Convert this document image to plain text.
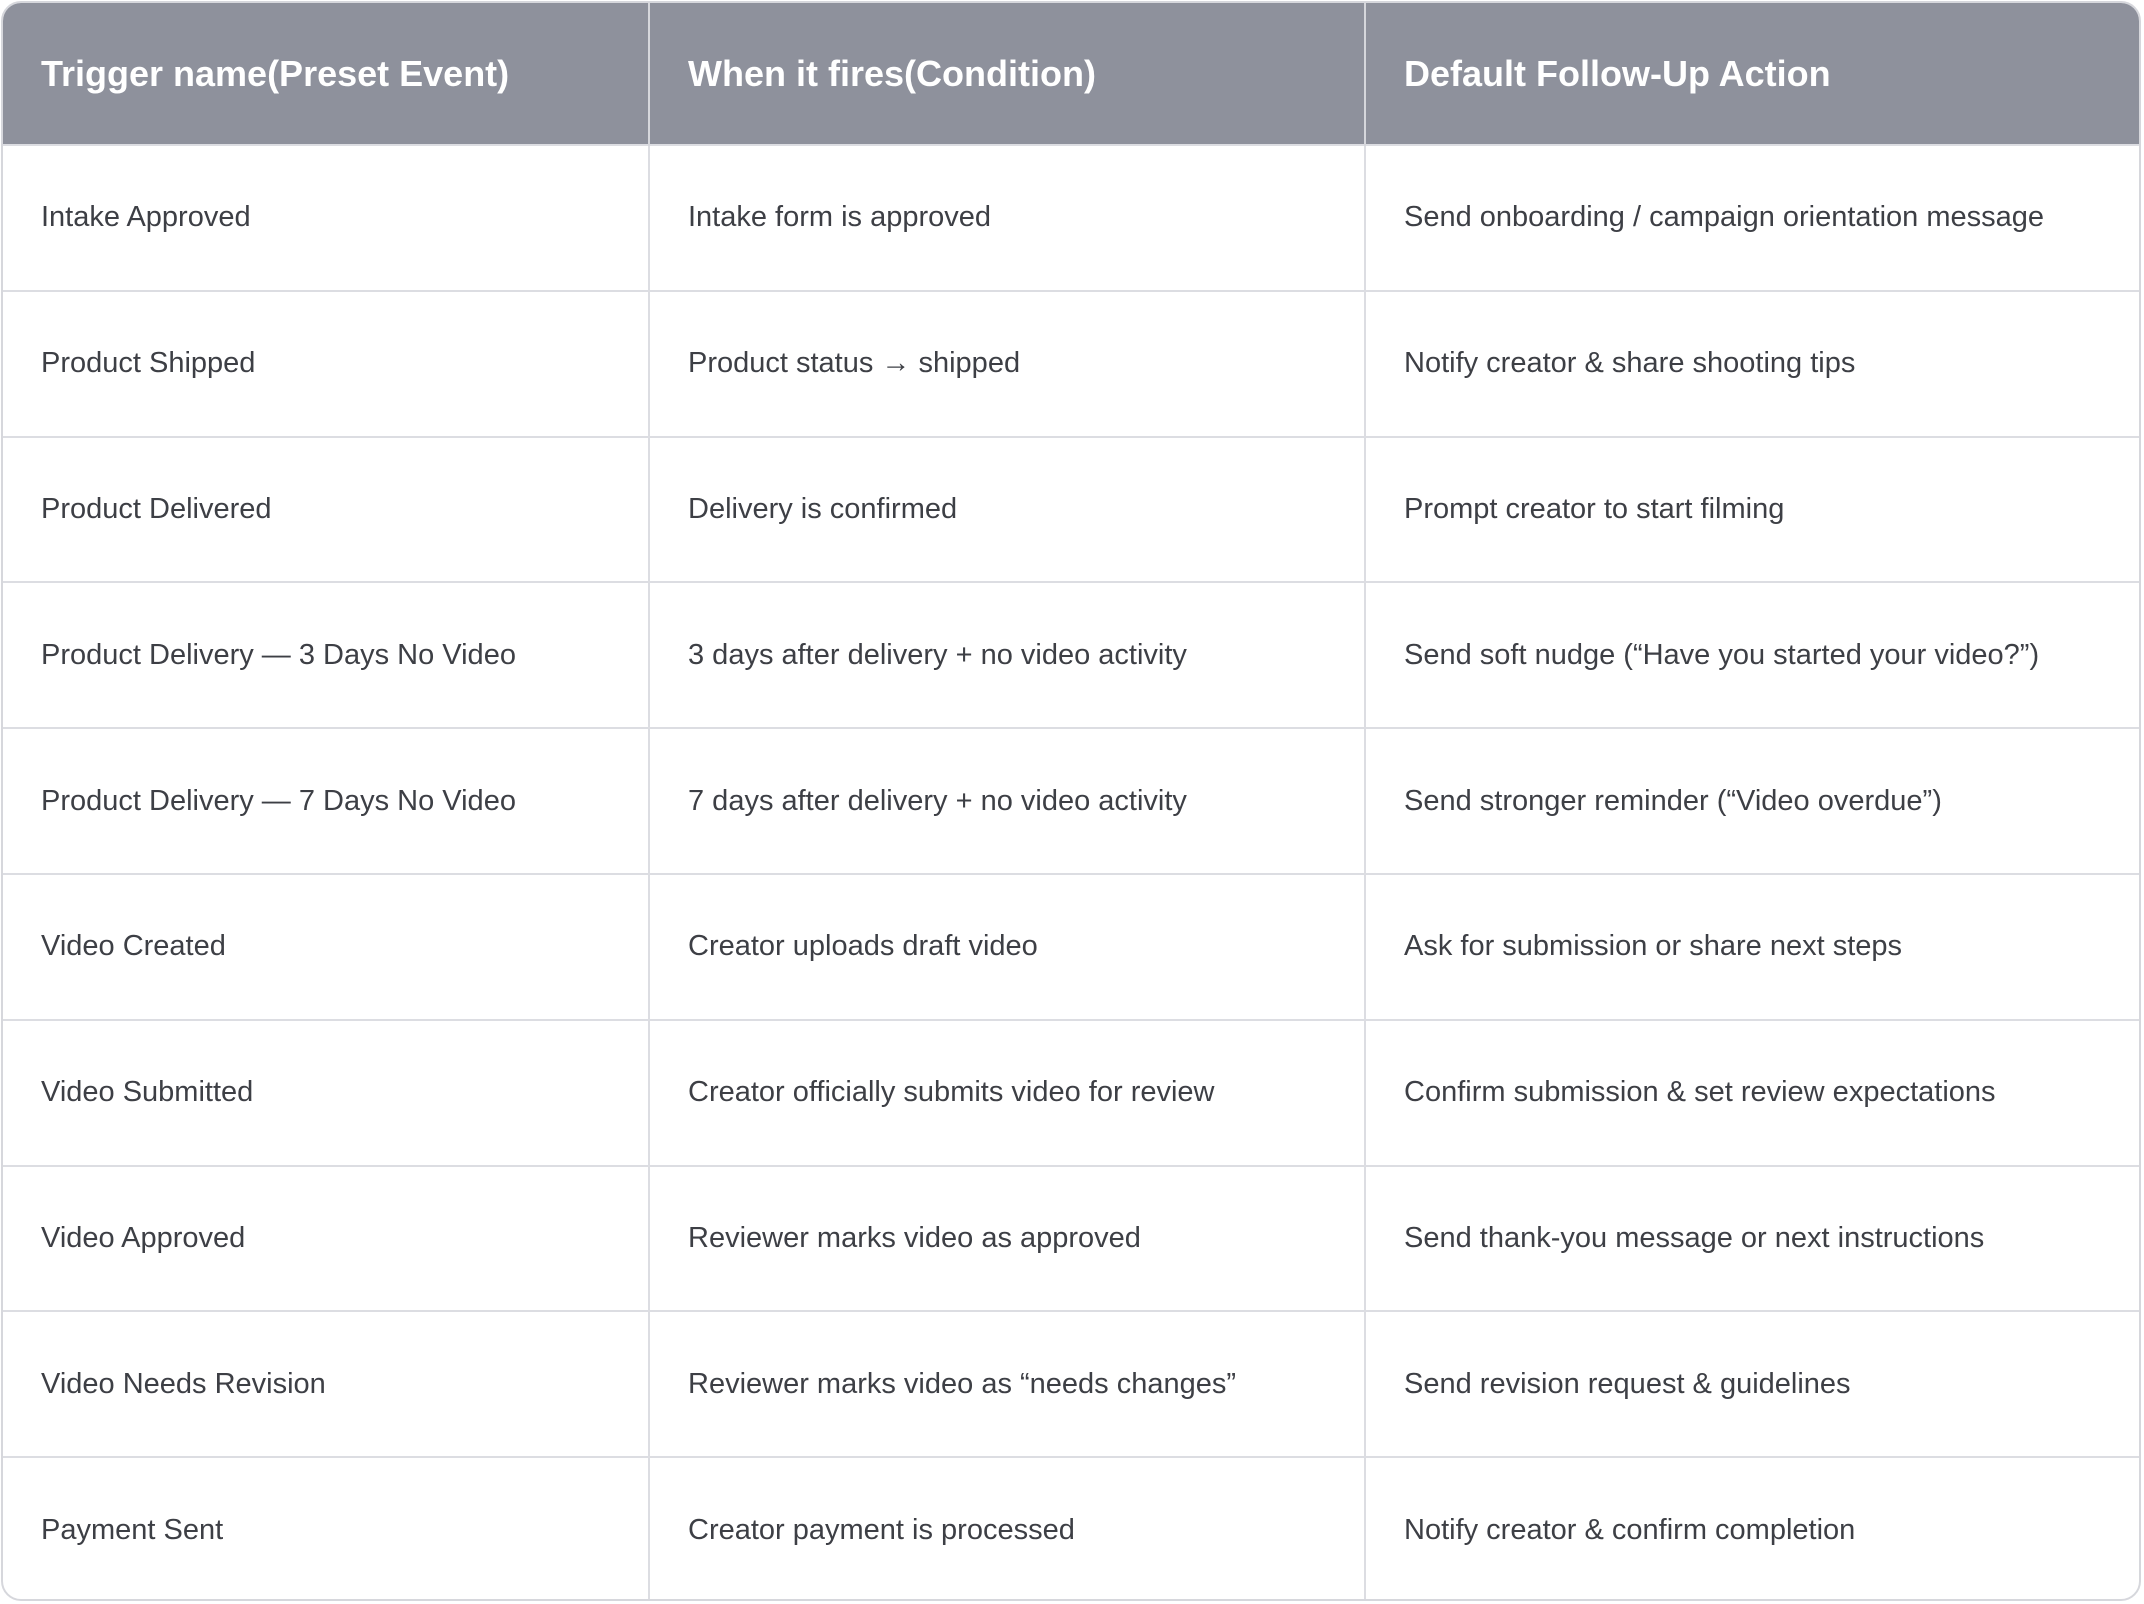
Trigger name(Preset Event)	When it fires(Condition)	Default Follow-Up Action
Intake Approved	Intake form is approved	Send onboarding / campaign orientation message
Product Shipped	Product status → shipped	Notify creator & share shooting tips
Product Delivered	Delivery is confirmed	Prompt creator to start filming
Product Delivery — 3 Days No Video	3 days after delivery + no video activity	Send soft nudge (“Have you started your video?”)
Product Delivery — 7 Days No Video	7 days after delivery + no video activity	Send stronger reminder (“Video overdue”)
Video Created	Creator uploads draft video	Ask for submission or share next steps
Video Submitted	Creator officially submits video for review	Confirm submission & set review expectations
Video Approved	Reviewer marks video as approved	Send thank-you message or next instructions
Video Needs Revision	Reviewer marks video as “needs changes”	Send revision request & guidelines
Payment Sent	Creator payment is processed	Notify creator & confirm completion
